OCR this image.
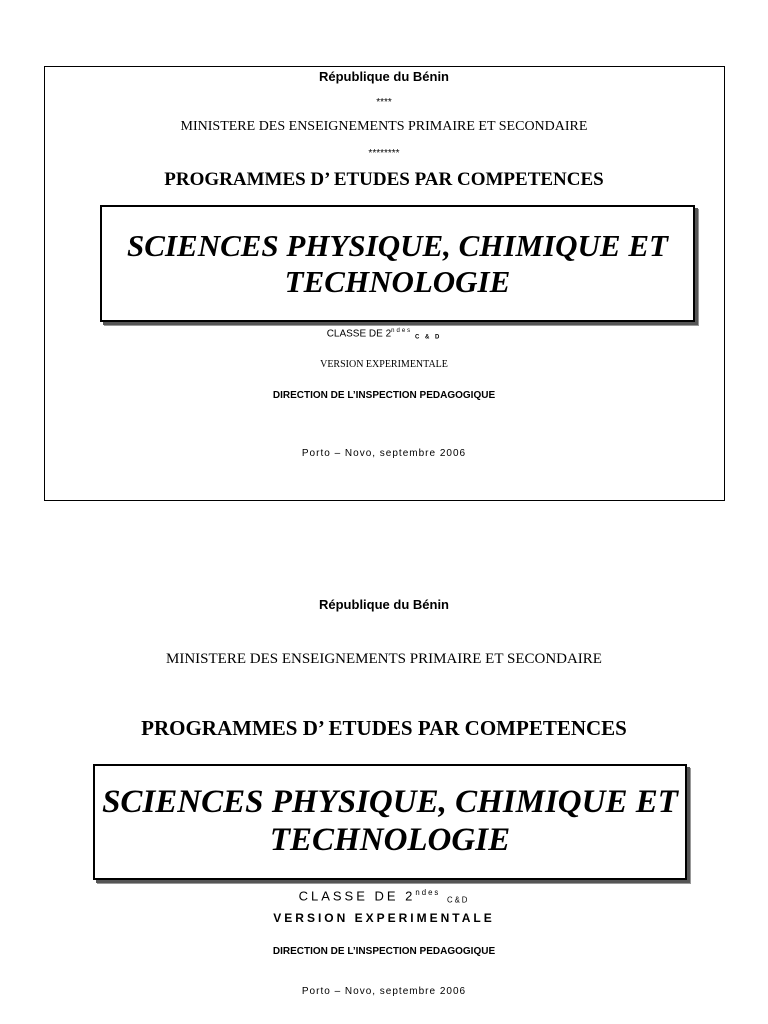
République du Bénin
****
MINISTERE DES ENSEIGNEMENTS PRIMAIRE ET SECONDAIRE
********
PROGRAMMES D’ ETUDES PAR COMPETENCES
SCIENCES PHYSIQUE, CHIMIQUE ET
TECHNOLOGIE
CLASSE DE $2^{ndes}$ $_{C \& D}$
VERSION EXPERIMENTALE
DIRECTION DE L’INSPECTION PEDAGOGIQUE
Porto – Novo, septembre 2006
République du Bénin
MINISTERE DES ENSEIGNEMENTS PRIMAIRE ET SECONDAIRE
PROGRAMMES D’ ETUDES PAR COMPETENCES
SCIENCES PHYSIQUE, CHIMIQUE ET
TECHNOLOGIE
CLASSE DE $2^{ndes}$ C&D
VERSION EXPERIMENTALE
DIRECTION DE L’INSPECTION PEDAGOGIQUE
Porto – Novo, septembre 2006
